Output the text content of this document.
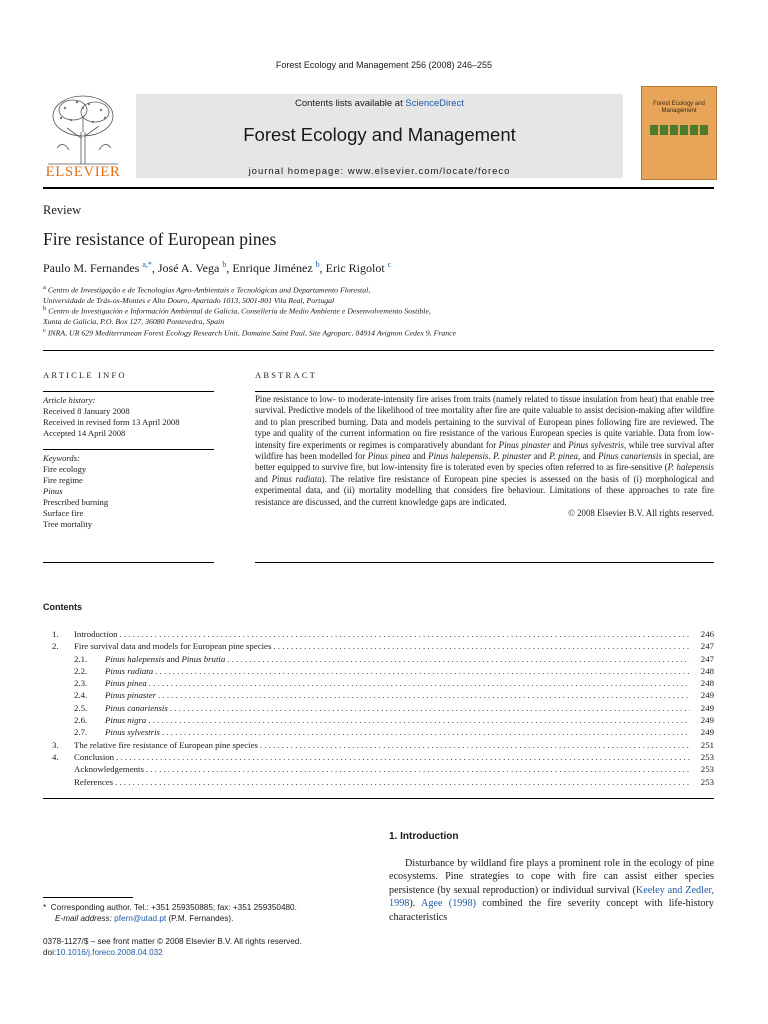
Forest Ecology and Management 256 (2008) 246–255
ELSEVIER
Contents lists available at ScienceDirect
Forest Ecology and Management
journal homepage: www.elsevier.com/locate/foreco
Forest Ecology and Management
Review
Fire resistance of European pines
Paulo M. Fernandes $^{a,*}$, José A. Vega $^b$, Enrique Jiménez $^b$, Eric Rigolot $^c$
$^a$ Centro de Investigação e de Tecnologias Agro-Ambientais e Tecnológicas and Departamento Florestal,
Universidade de Trás-os-Montes e Alto Douro, Apartado 1013, 5001-801 Vila Real, Portugal
$^b$ Centro de Investigación e Información Ambiental de Galicia, Consellería de Medio Ambiente e Desenvolvemento Sostible,
Xunta de Galicia, P.O. Box 127, 36080 Pontevedra, Spain
$^c$ INRA, UR 629 Mediterranean Forest Ecology Research Unit, Domaine Saint Paul, Site Agroparc, 84914 Avignon Cedex 9, France
ARTICLE INFO	ABSTRACT
Article history:
Received 8 January 2008
Received in revised form 13 April 2008
Accepted 14 April 2008
Keywords:
Fire ecology
Fire regime
Pinus
Prescribed burning
Surface fire
Tree mortality

Pine resistance to low- to moderate-intensity fire arises from traits (namely related to tissue insulation from heat) that enable tree survival. Predictive models of the likelihood of tree mortality after fire are quite valuable to assist decision-making after wildfire and to plan prescribed burning. Data and models pertaining to the survival of European pines following fire are reviewed. The type and quality of the current information on fire resistance of the various European species is quite variable. Data from low-intensity fire experiments or regimes is comparatively abundant for Pinus pinaster and Pinus sylvestris, while tree survival after wildfire has been modelled for Pinus pinea and Pinus halepensis. P. pinaster and P. pinea, and Pinus canariensis in special, are better equipped to survive fire, but low-intensity fire is tolerated even by species often referred to as fire-sensitive (P. halepensis and Pinus radiata). The relative fire resistance of European pine species is assessed on the basis of (i) morphological and experimental data, and (ii) mortality modelling that considers fire behaviour. Limitations of these approaches to rate fire resistance are discussed, and the current knowledge gaps are indicated.

© 2008 Elsevier B.V. All rights reserved.

Contents
1.	Introduction . . .	246
2.	Fire survival data and models for European pine species . . .	247
2.1.	Pinus halepensis and Pinus brutia . . .	247
2.2.	Pinus radiata . . .	248
2.3.	Pinus pinea . . .	248
2.4.	Pinus pinaster . . .	249
2.5.	Pinus canariensis . . .	249
2.6.	Pinus nigra . . .	249
2.7.	Pinus sylvestris . . .	249
3.	The relative fire resistance of European pine species . . .	251
4.	Conclusion . . .	253
Acknowledgements . . .	253
References . . .	253
1. Introduction

Disturbance by wildland fire plays a prominent role in the ecology of pine ecosystems. Pine strategies to cope with fire can assist either species persistence (by sexual reproduction) or individual survival (Keeley and Zedler, 1998). Agee (1998) combined the fire severity concept with life-history characteristics

* Corresponding author. Tel.: +351 259350885; fax: +351 259350480.
E-mail address: pfern@utad.pt (P.M. Fernandes).
0378-1127/$ – see front matter © 2008 Elsevier B.V. All rights reserved.
doi:10.1016/j.foreco.2008.04.032
